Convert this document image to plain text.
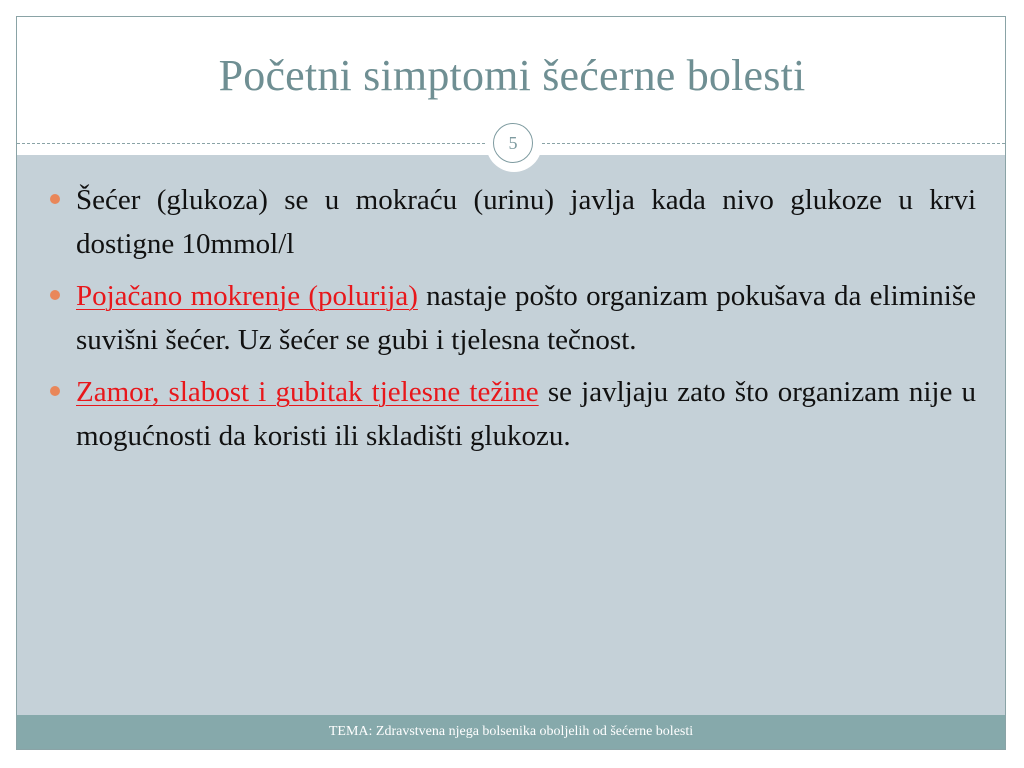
Početni simptomi šećerne bolesti
5
Šećer (glukoza) se u mokraću (urinu) javlja kada nivo glukoze u krvi dostigne 10mmol/l
Pojačano mokrenje (polurija) nastaje pošto organizam pokušava da eliminiše suvišni šećer. Uz šećer se gubi i tjelesna tečnost.
Zamor, slabost i gubitak tjelesne težine se javljaju zato što organizam nije u mogućnosti da koristi ili skladišti glukozu.
TEMA: Zdravstvena njega bolsenika oboljelih od šećerne bolesti
